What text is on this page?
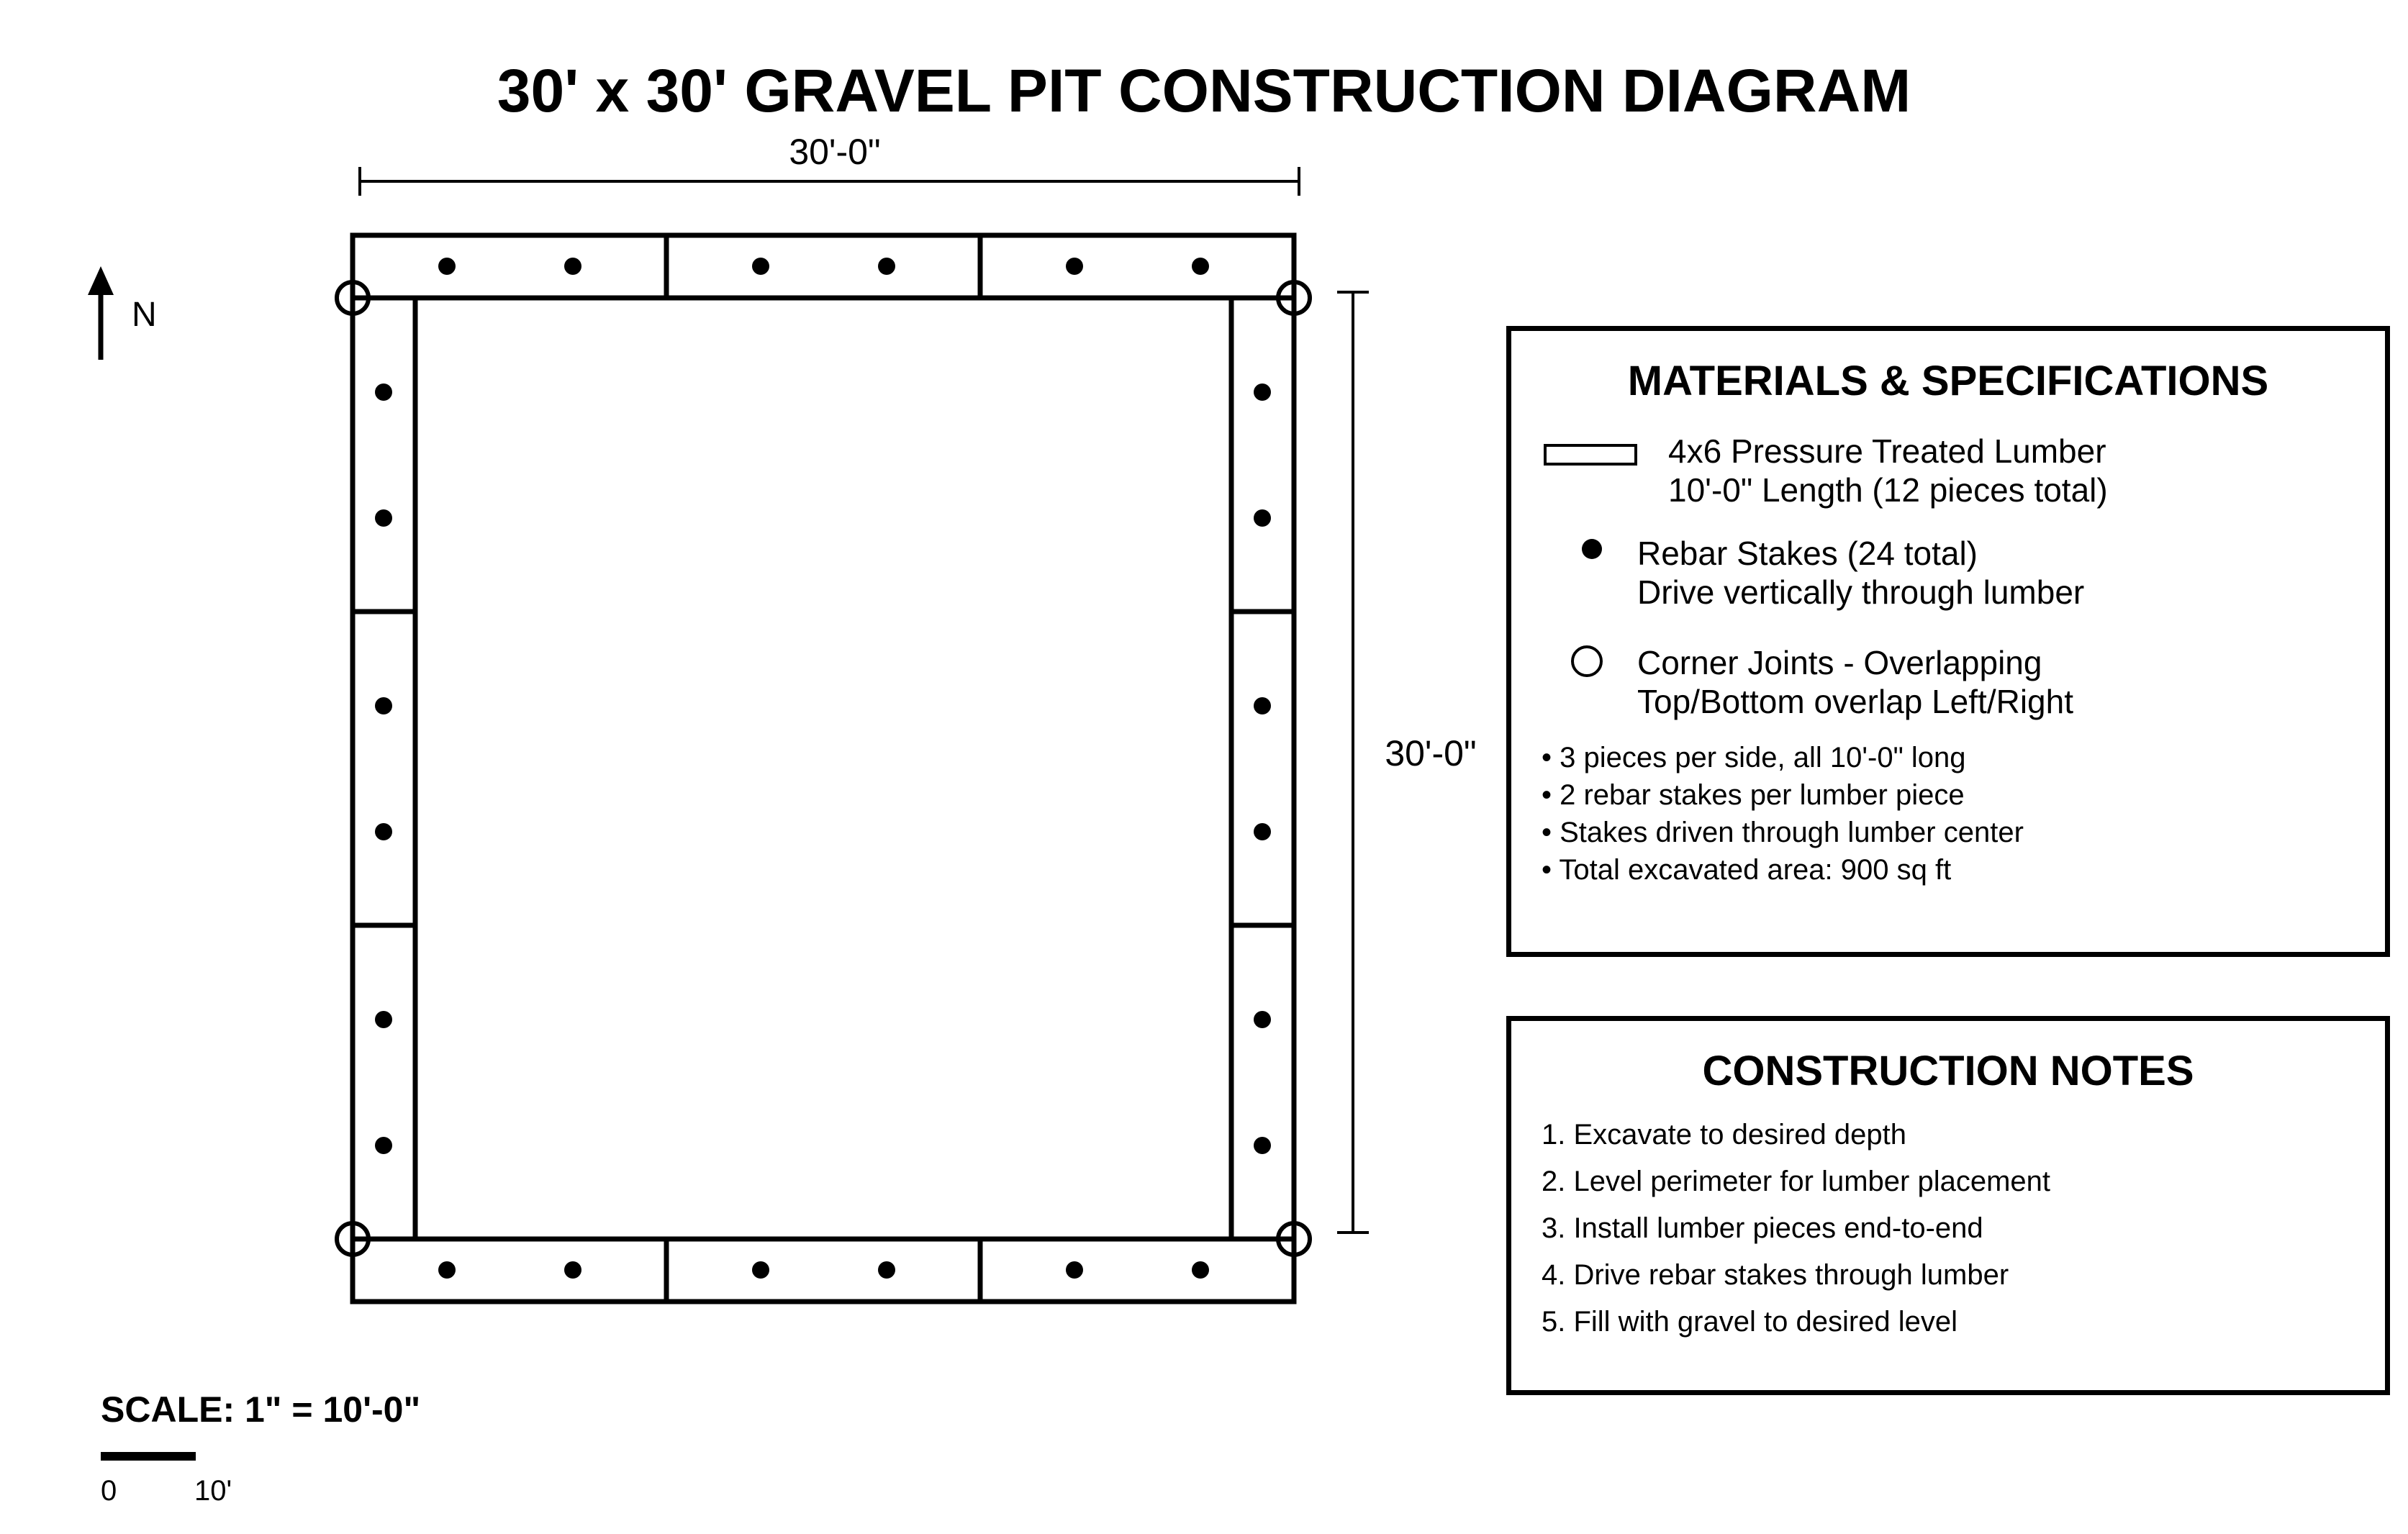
30' x 30' GRAVEL PIT CONSTRUCTION DIAGRAM
30'-0"
30'-0"
N
SCALE: 1" = 10'-0"
0	10'
MATERIALS & SPECIFICATIONS
4x6 Pressure Treated Lumber
10'-0" Length (12 pieces total)
Rebar Stakes (24 total)
Drive vertically through lumber
Corner Joints - Overlapping
Top/Bottom overlap Left/Right
• 3 pieces per side, all 10'-0" long
• 2 rebar stakes per lumber piece
• Stakes driven through lumber center
• Total excavated area: 900 sq ft
CONSTRUCTION NOTES
1. Excavate to desired depth
2. Level perimeter for lumber placement
3. Install lumber pieces end-to-end
4. Drive rebar stakes through lumber
5. Fill with gravel to desired level
